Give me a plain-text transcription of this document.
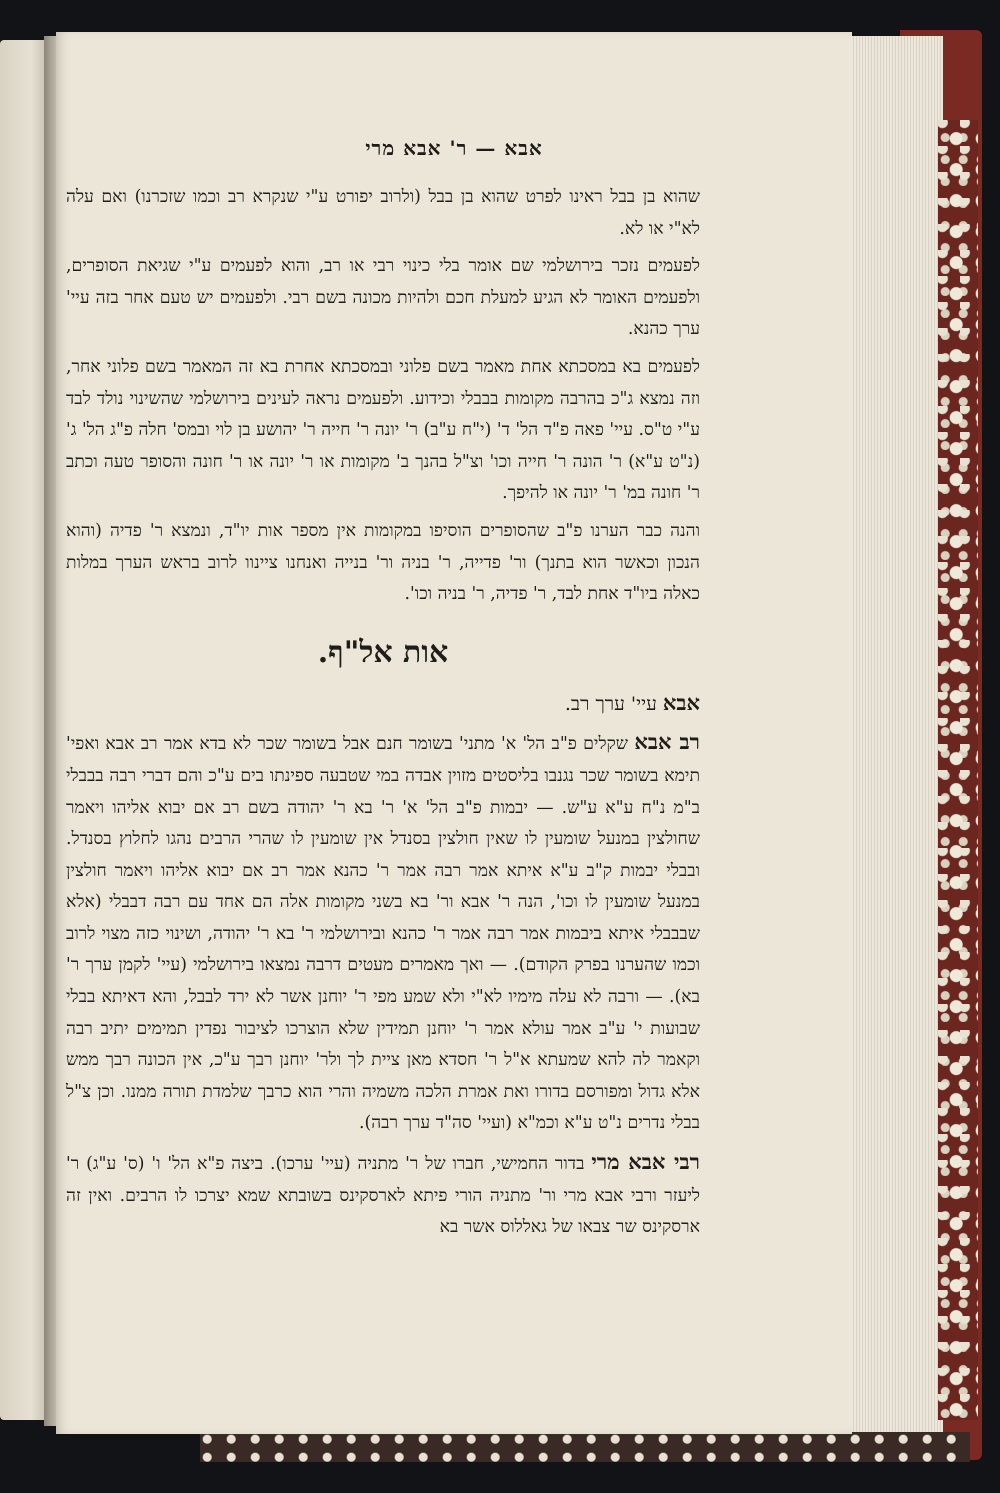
אבא — ר' אבא מרי

שהוא בן בבל ראינו לפרט שהוא בן בבל (ולרוב יפורט ע"י שנקרא רב וכמו שזכרנו) ואם עלה לא"י או לא.

לפעמים נזכר בירושלמי שם אומר בלי כינוי רבי או רב, והוא לפעמים ע"י שגיאת הסופרים, ולפעמים האומר לא הגיע למעלת חכם ולהיות מכונה בשם רבי. ולפעמים יש טעם אחר בזה עיי' ערך כהנא.

לפעמים בא במסכתא אחת מאמר בשם פלוני ובמסכתא אחרת בא זה המאמר בשם פלוני אחר, וזה נמצא ג"כ בהרבה מקומות בבבלי וכידוע. ולפעמים נראה לעינים בירושלמי שהשינוי נולד לבד ע"י ט"ס. עיי' פאה פ"ד הל' ד' (י"ח ע"ב) ר' יונה ר' חייה ר' יהושע בן לוי ובמס' חלה פ"ג הל' ג' (נ"ט ע"א) ר' הונה ר' חייה וכו' וצ"ל בהנך ב' מקומות או ר' יונה או ר' חונה והסופר טעה וכתב ר' חונה במ' ר' יונה או להיפך.

והנה כבר הערנו פ"ב שהסופרים הוסיפו במקומות אין מספר אות יו"ד, ונמצא ר' פדיה (והוא הנכון וכאשר הוא בתנך) ור' פדייה, ר' בניה ור' בנייה ואנחנו ציינוו לרוב בראש הערך במלות כאלה ביו"ד אחת לבד, ר' פדיה, ר' בניה וכו'.

אות אל"ף.

אבא עיי' ערך רב.

רב אבא שקלים פ"ב הל' א' מתני' בשומר חנם אבל בשומר שכר לא בדא אמר רב אבא ואפי' תימא בשומר שכר נגנבו בליסטים מזוין אבדה במי שטבעה ספינתו בים ע"כ והם דברי רבה בבבלי ב"מ נ"ח ע"א ע"ש. — יבמות פ"ב הל' א' ר' בא ר' יהודה בשם רב אם יבוא אליהו ויאמר שחולצין במנעל שומעין לו שאין חולצין בסנדל אין שומעין לו שהרי הרבים נהגו לחלוץ בסנדל. ובבלי יבמות ק"ב ע"א איתא אמר רבה אמר ר' כהנא אמר רב אם יבוא אליהו ויאמר חולצין במנעל שומעין לו וכו', הנה ר' אבא ור' בא בשני מקומות אלה הם אחד עם רבה דבבלי (אלא שבבבלי איתא ביבמות אמר רבה אמר ר' כהנא ובירושלמי ר' בא ר' יהודה, ושינוי כזה מצוי לרוב וכמו שהערנו בפרק הקודם). — ואך מאמרים מעטים דרבה נמצאו בירושלמי (עיי' לקמן ערך ר' בא). — ורבה לא עלה מימיו לא"י ולא שמע מפי ר' יוחנן אשר לא ירד לבבל, והא דאיתא בבלי שבועות י' ע"ב אמר עולא אמר ר' יוחנן תמידין שלא הוצרכו לציבור נפדין תמימים יתיב רבה וקאמר לה להא שמעתא א"ל ר' חסדא מאן ציית לך ולר' יוחנן רבך ע"כ, אין הכונה רבך ממש אלא גדול ומפורסם בדורו ואת אמרת הלכה משמיה והרי הוא כרבך שלמדת תורה ממנו. וכן צ"ל בבלי נדרים נ"ט ע"א וכמ"א (ועיי' סה"ד ערך רבה).

רבי אבא מרי בדור החמישי, חברו של ר' מתניה (עיי' ערכו). ביצה פ"א הל' ו' (ס' ע"ג) ר' ליעזר ורבי אבא מרי ור' מתניה הורי פיתא לארסקינס בשובתא שמא יצרכו לו הרבים. ואין זה ארסקינס שר צבאו של גאללוס אשר בא
